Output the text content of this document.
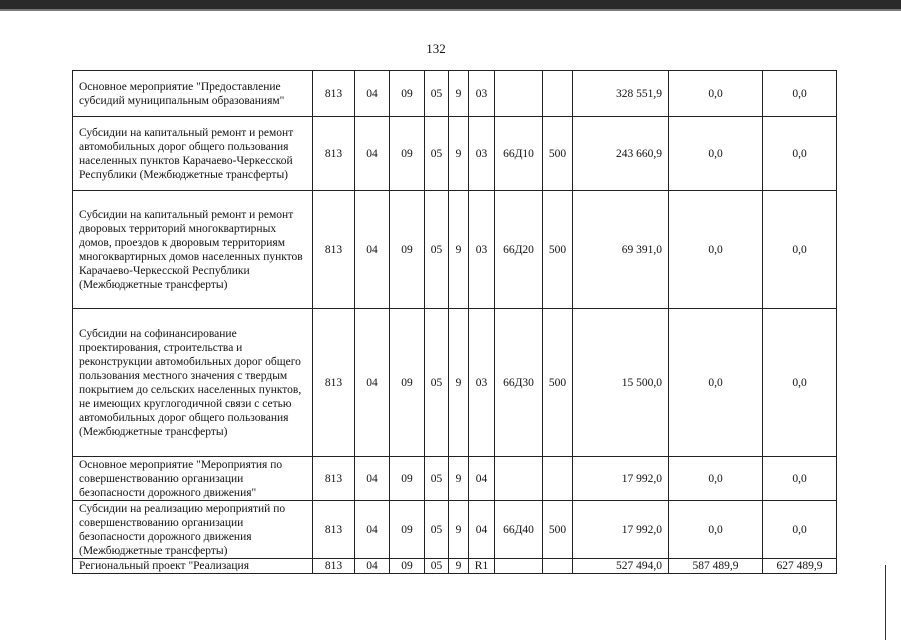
132
Основное мероприятие "Предоставление субсидий муниципальным образованиям"	813	04	09	05	9	03			328 551,9	0,0	0,0
Субсидии на капитальный ремонт и ремонт автомобильных дорог общего пользования населенных пунктов Карачаево-Черкесской Республики (Межбюджетные трансферты)	813	04	09	05	9	03	66Д10	500	243 660,9	0,0	0,0
Субсидии на капитальный ремонт и ремонт дворовых территорий многоквартирных домов, проездов к дворовым территориям многоквартирных домов населенных пунктов Карачаево-Черкесской Республики (Межбюджетные трансферты)	813	04	09	05	9	03	66Д20	500	69 391,0	0,0	0,0
Субсидии на софинансирование проектирования, строительства и реконструкции автомобильных дорог общего пользования местного значения с твердым покрытием до сельских населенных пунктов, не имеющих круглогодичной связи с сетью автомобильных дорог общего пользования (Межбюджетные трансферты)	813	04	09	05	9	03	66Д30	500	15 500,0	0,0	0,0
Основное мероприятие "Мероприятия по совершенствованию организации безопасности дорожного движения"	813	04	09	05	9	04			17 992,0	0,0	0,0
Субсидии на реализацию мероприятий по совершенствованию организации безопасности дорожного движения (Межбюджетные трансферты)	813	04	09	05	9	04	66Д40	500	17 992,0	0,0	0,0
Региональный проект "Реализация	813	04	09	05	9	R1			527 494,0	587 489,9	627 489,9
